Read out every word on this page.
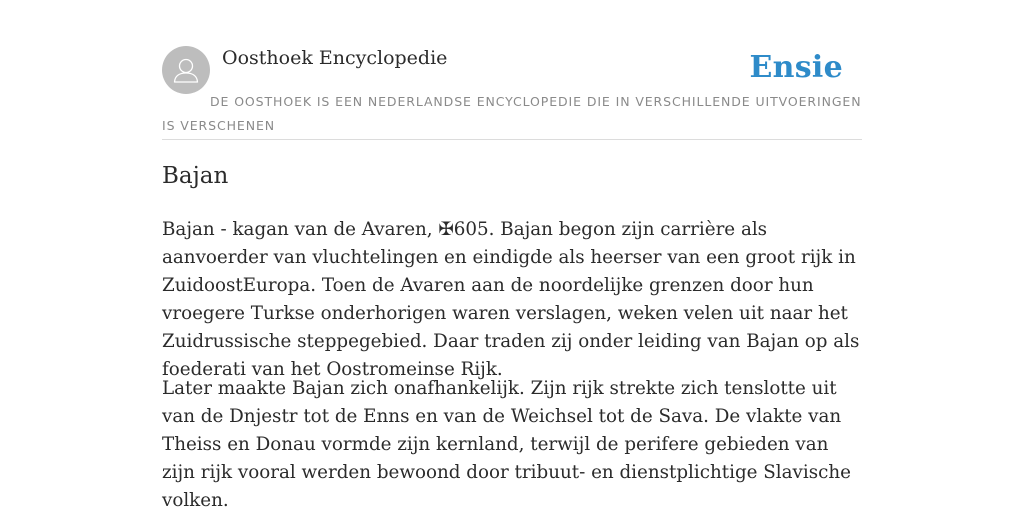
Oosthoek Encyclopedie	Ensie
DE OOSTHOEK IS EEN NEDERLANDSE ENCYCLOPEDIE DIE IN VERSCHILLENDE UITVOERINGEN IS VERSCHENEN
Bajan

Bajan - kagan van de Avaren, ✠605. Bajan begon zijn carrière als aanvoerder van vluchtelingen en eindigde als heerser van een groot rijk in ZuidoostEuropa. Toen de Avaren aan de noordelijke grenzen door hun vroegere Turkse onderhorigen waren verslagen, weken velen uit naar het Zuidrussische steppegebied. Daar traden zij onder leiding van Bajan op als foederati van het Oostromeinse Rijk.

Later maakte Bajan zich onafhankelijk. Zijn rijk strekte zich tenslotte uit van de Dnjestr tot de Enns en van de Weichsel tot de Sava. De vlakte van Theiss en Donau vormde zijn kernland, terwijl de perifere gebieden van zijn rijk vooral werden bewoond door tribuut- en dienstplichtige Slavische volken.
